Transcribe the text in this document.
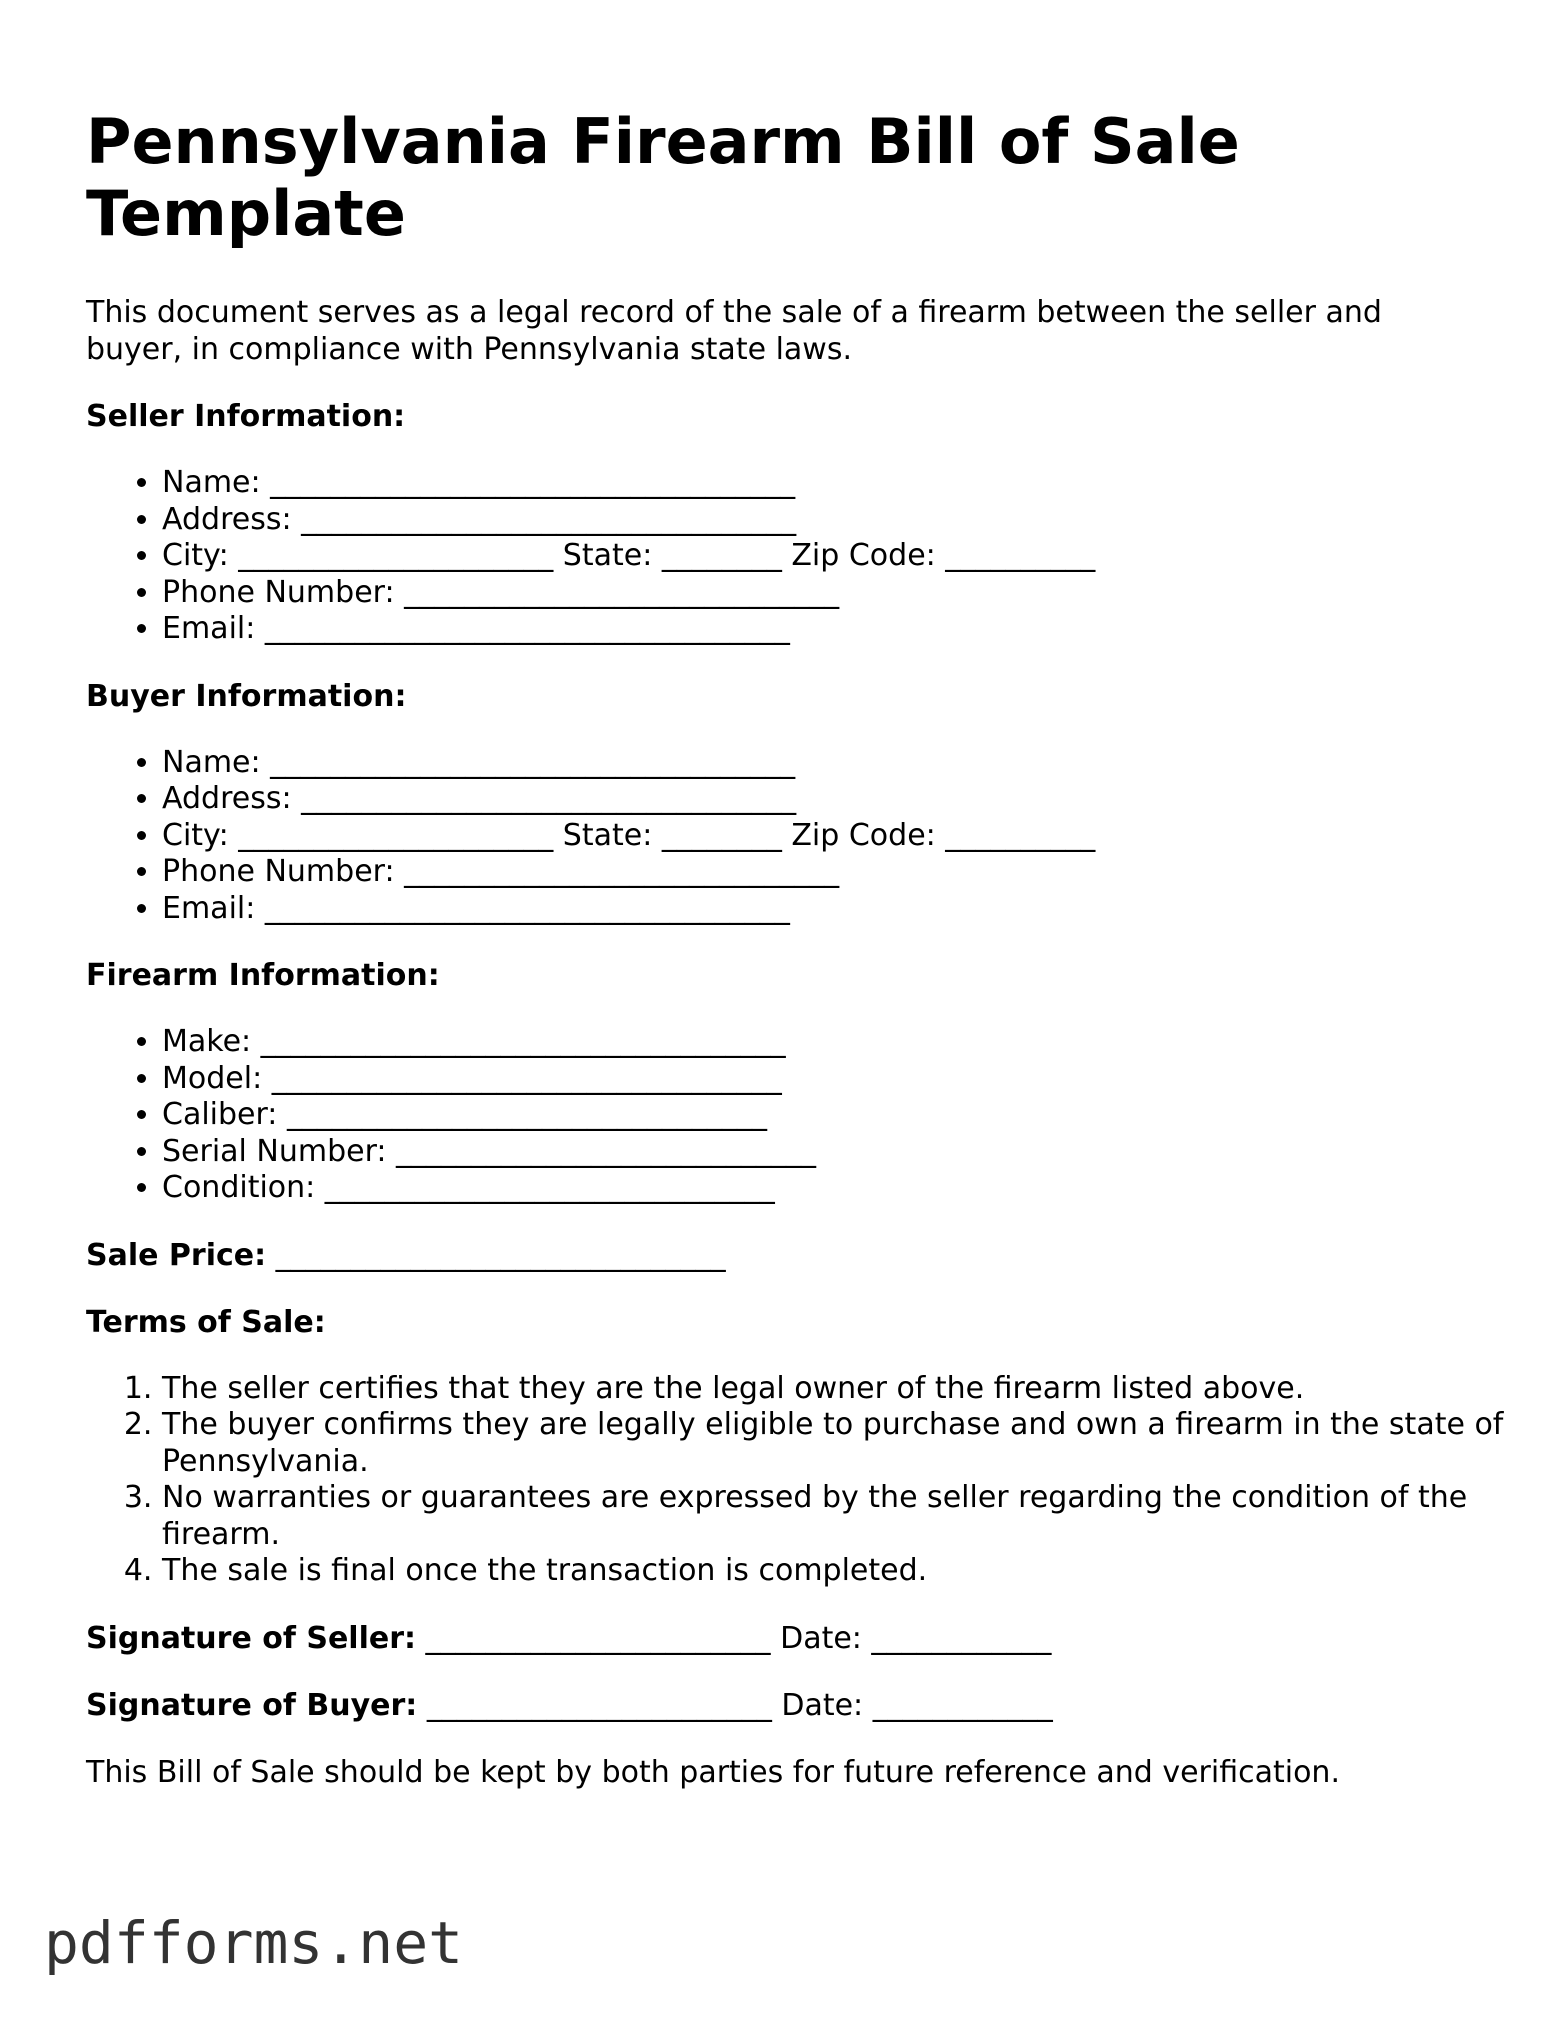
Pennsylvania Firearm Bill of Sale Template

This document serves as a legal record of the sale of a firearm between the seller and buyer, in compliance with Pennsylvania state laws.

Seller Information:
• Name: ___________________________________
• Address: _________________________________
• City: _____________________ State: ________ Zip Code: __________
• Phone Number: _____________________________
• Email: ___________________________________
Buyer Information:
• Name: ___________________________________
• Address: _________________________________
• City: _____________________ State: ________ Zip Code: __________
• Phone Number: _____________________________
• Email: ___________________________________
Firearm Information:
• Make: ___________________________________
• Model: __________________________________
• Caliber: ________________________________
• Serial Number: ____________________________
• Condition: ______________________________
Sale Price: ______________________________
Terms of Sale:
1. The seller certifies that they are the legal owner of the firearm listed above.
2. The buyer confirms they are legally eligible to purchase and own a firearm in the state of Pennsylvania.
3. No warranties or guarantees are expressed by the seller regarding the condition of the firearm.
4. The sale is final once the transaction is completed.
Signature of Seller: _______________________ Date: ____________
Signature of Buyer: _______________________ Date: ____________

This Bill of Sale should be kept by both parties for future reference and verification.

pdfforms.net
